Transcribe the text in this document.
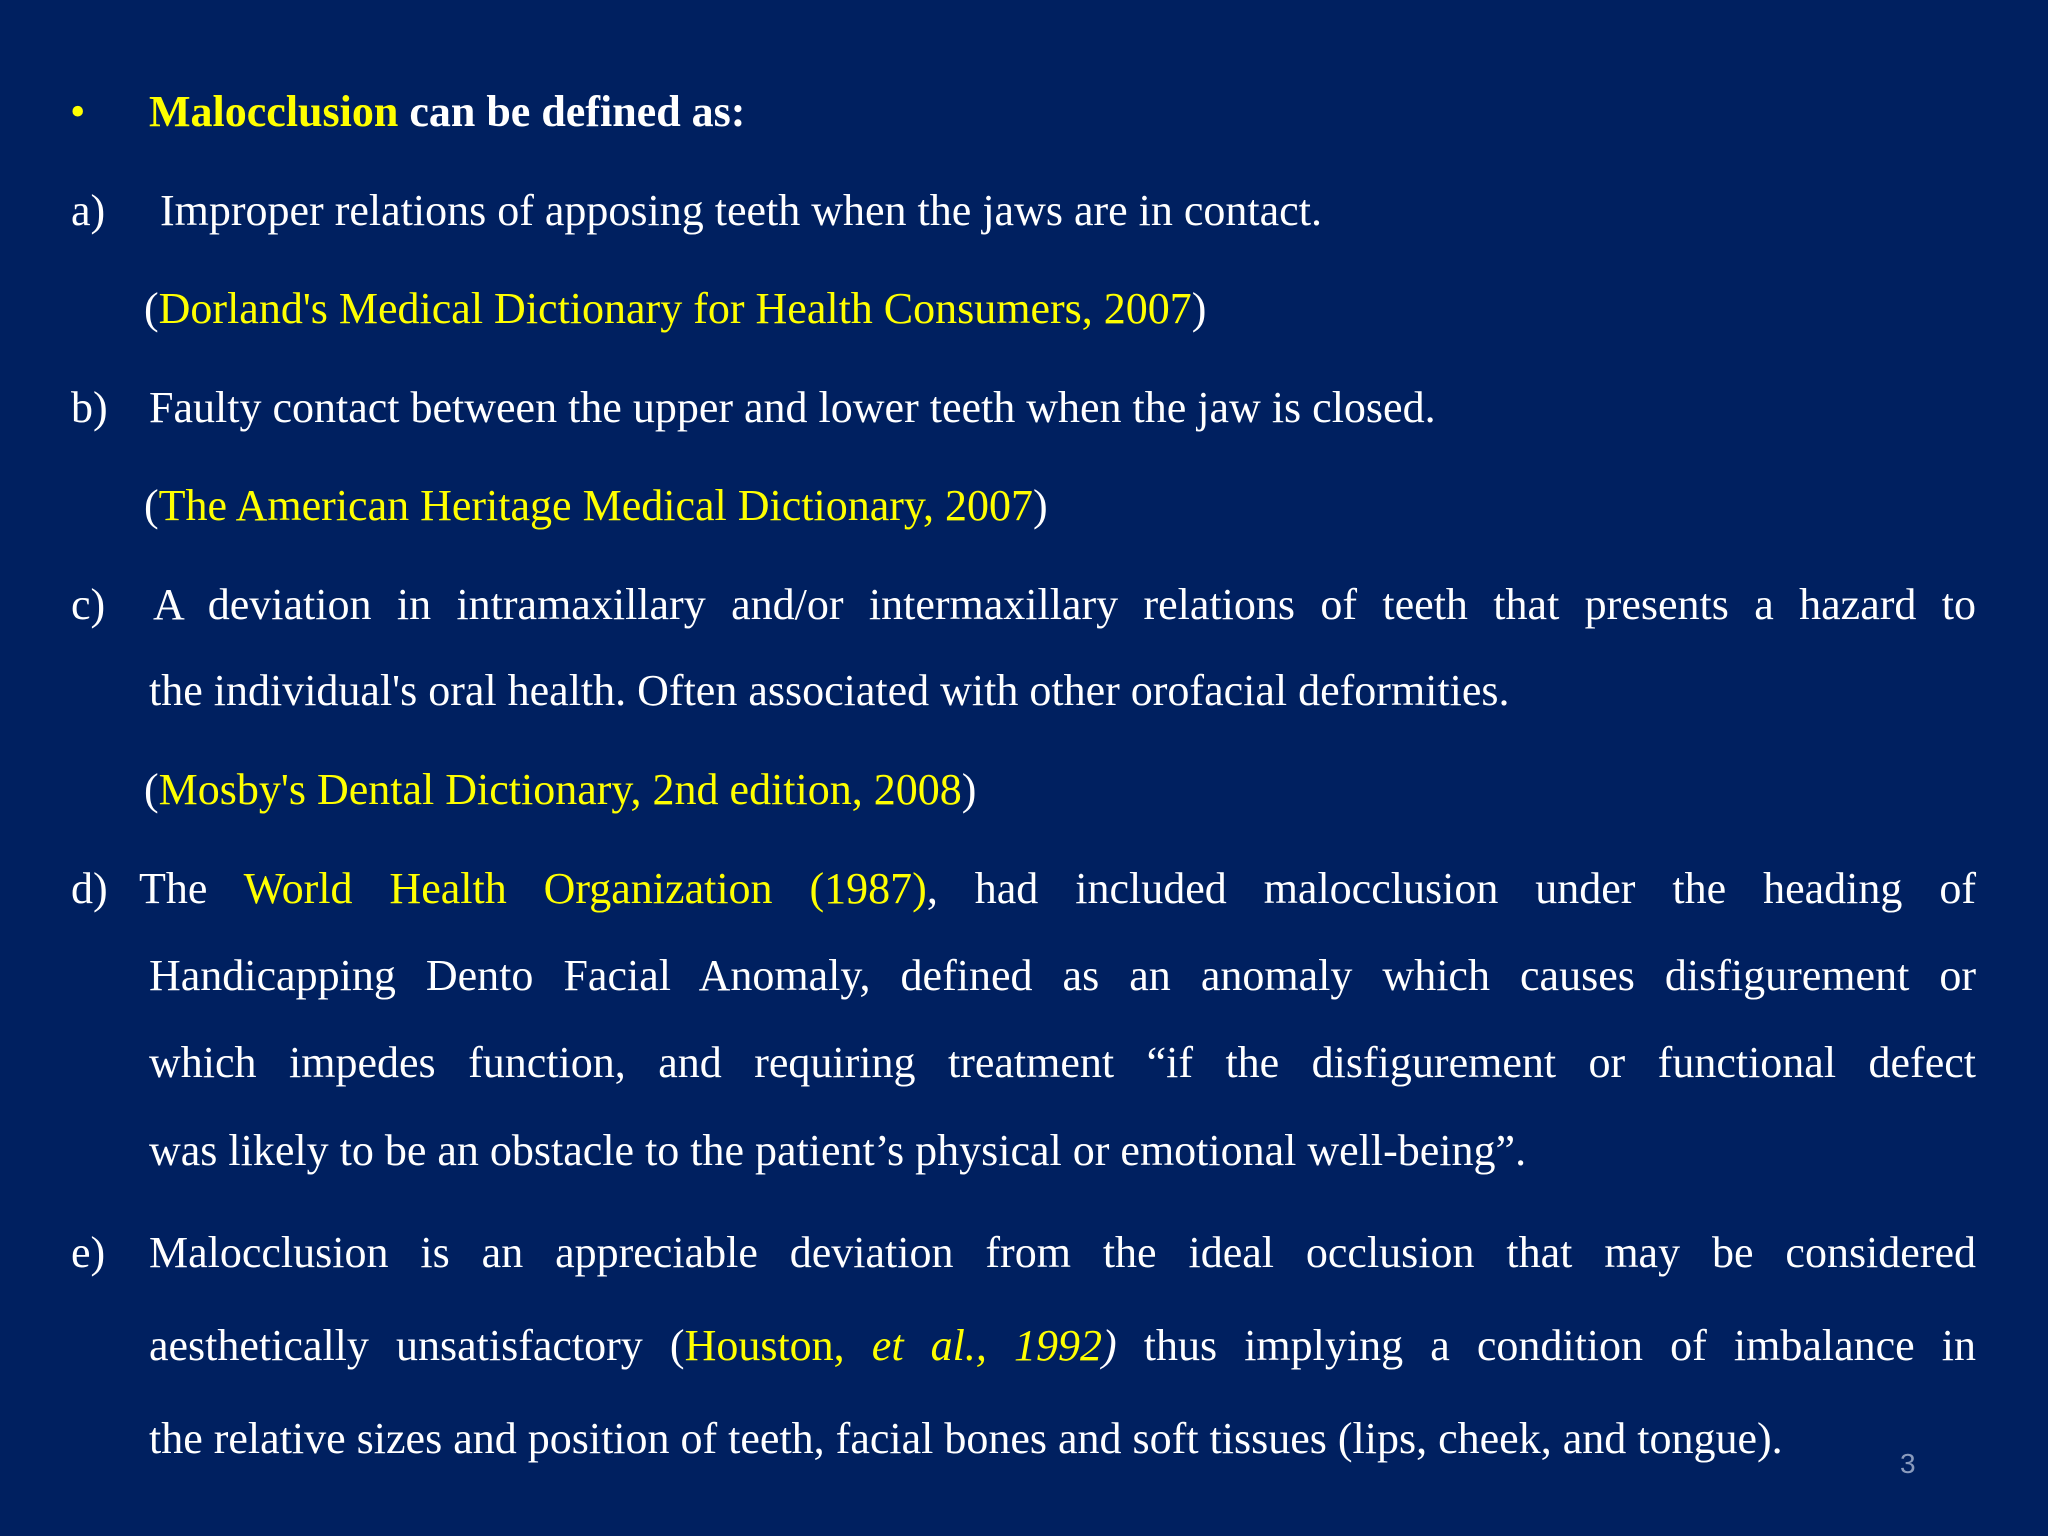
• Malocclusion can be defined as:
a) Improper relations of apposing teeth when the jaws are in contact.
(Dorland's Medical Dictionary for Health Consumers, 2007)
b) Faulty contact between the upper and lower teeth when the jaw is closed.
(The American Heritage Medical Dictionary, 2007)
c) A deviation in intramaxillary and/or intermaxillary relations of teeth that presents a hazard to
the individual's oral health. Often associated with other orofacial deformities.
(Mosby's Dental Dictionary, 2nd edition, 2008)
d) The World Health Organization (1987), had included malocclusion under the heading of
Handicapping Dento Facial Anomaly, defined as an anomaly which causes disfigurement or
which impedes function, and requiring treatment “if the disfigurement or functional defect
was likely to be an obstacle to the patient’s physical or emotional well-being”.
e) Malocclusion is an appreciable deviation from the ideal occlusion that may be considered
aesthetically unsatisfactory (Houston, et al., 1992) thus implying a condition of imbalance in
the relative sizes and position of teeth, facial bones and soft tissues (lips, cheek, and tongue).
3
